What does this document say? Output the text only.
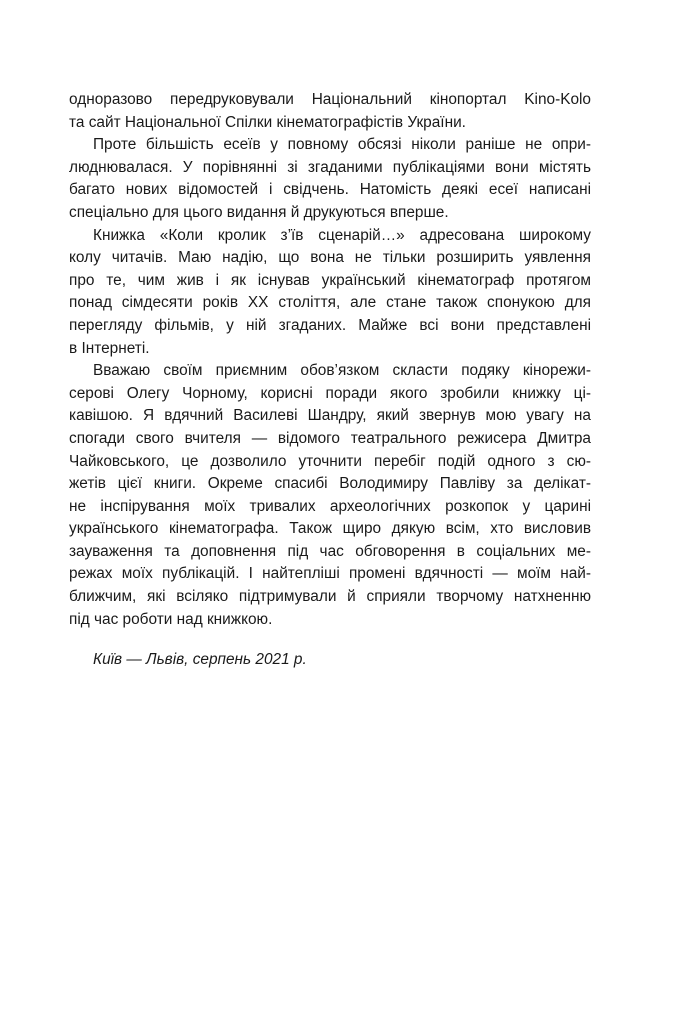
одноразово передруковували Національний кінопортал Kino-Kolo
та сайт Національної Спілки кінематографістів України.
Проте більшість есеїв у повному обсязі ніколи раніше не опри-
люднювалася. У порівнянні зі згаданими публікаціями вони містять
багато нових відомостей і свідчень. Натомість деякі есеї написані
спеціально для цього видання й друкуються вперше.
Книжка «Коли кролик з’їв сценарій…» адресована широкому
колу читачів. Маю надію, що вона не тільки розширить уявлення
про те, чим жив і як існував український кінематограф протягом
понад сімдесяти років XX століття, але стане також спонукою для
перегляду фільмів, у ній згаданих. Майже всі вони представлені
в Інтернеті.
Вважаю своїм приємним обов’язком скласти подяку кінорежи-
серові Олегу Чорному, корисні поради якого зробили книжку ці-
кавішою. Я вдячний Василеві Шандру, який звернув мою увагу на
спогади свого вчителя — відомого театрального режисера Дмитра
Чайковського, це дозволило уточнити перебіг подій одного з сю-
жетів цієї книги. Окреме спасибі Володимиру Павліву за делікат-
не інспірування моїх тривалих археологічних розкопок у царині
українського кінематографа. Також щиро дякую всім, хто висловив
зауваження та доповнення під час обговорення в соціальних ме-
режах моїх публікацій. І найтепліші промені вдячності — моїм най-
ближчим, які всіляко підтримували й сприяли творчому натхненню
під час роботи над книжкою.

Київ — Львів, серпень 2021 р.
